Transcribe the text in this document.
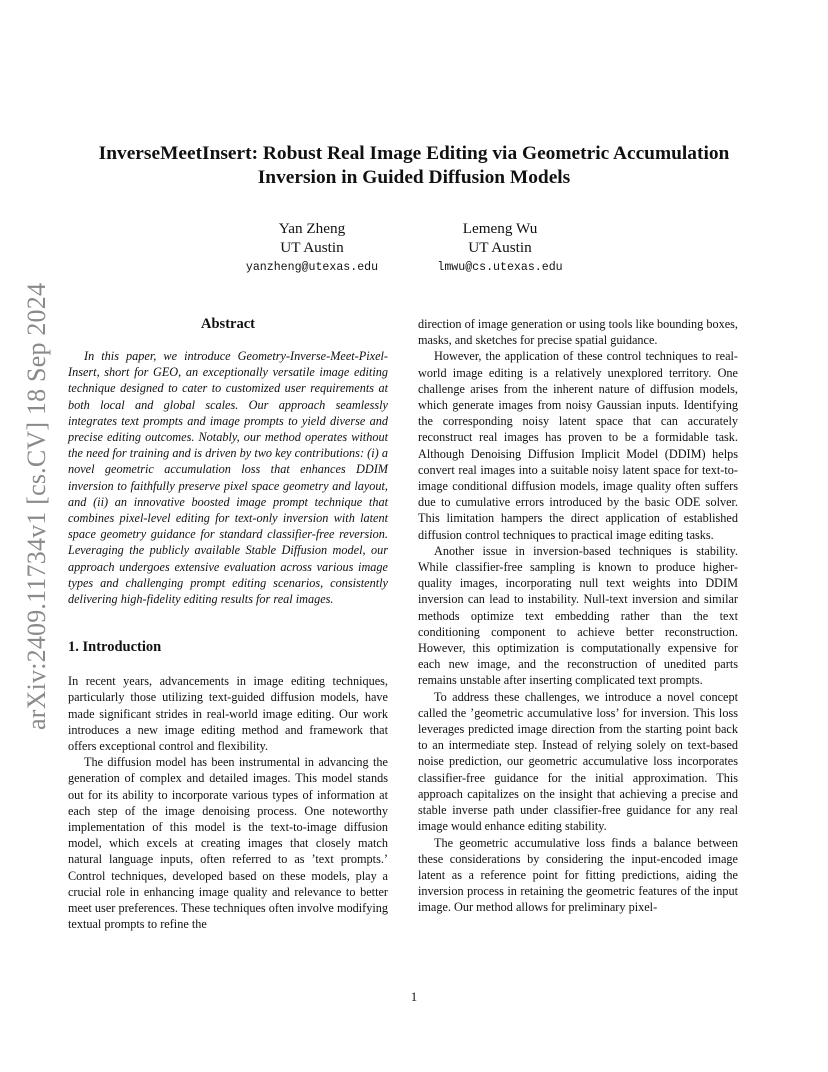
arXiv:2409.11734v1 [cs.CV] 18 Sep 2024
InverseMeetInsert: Robust Real Image Editing via Geometric Accumulation Inversion in Guided Diffusion Models
Yan Zheng
UT Austin
yanzheng@utexas.edu
Lemeng Wu
UT Austin
lmwu@cs.utexas.edu
Abstract

In this paper, we introduce Geometry-Inverse-Meet-Pixel-Insert, short for GEO, an exceptionally versatile image editing technique designed to cater to customized user requirements at both local and global scales. Our approach seamlessly integrates text prompts and image prompts to yield diverse and precise editing outcomes. Notably, our method operates without the need for training and is driven by two key contributions: (i) a novel geometric accumulation loss that enhances DDIM inversion to faithfully preserve pixel space geometry and layout, and (ii) an innovative boosted image prompt technique that combines pixel-level editing for text-only inversion with latent space geometry guidance for standard classifier-free reversion. Leveraging the publicly available Stable Diffusion model, our approach undergoes extensive evaluation across various image types and challenging prompt editing scenarios, consistently delivering high-fidelity editing results for real images.

1. Introduction

In recent years, advancements in image editing techniques, particularly those utilizing text-guided diffusion models, have made significant strides in real-world image editing. Our work introduces a new image editing method and framework that offers exceptional control and flexibility.

The diffusion model has been instrumental in advancing the generation of complex and detailed images. This model stands out for its ability to incorporate various types of information at each step of the image denoising process. One noteworthy implementation of this model is the text-to-image diffusion model, which excels at creating images that closely match natural language inputs, often referred to as ’text prompts.’ Control techniques, developed based on these models, play a crucial role in enhancing image quality and relevance to better meet user preferences. These techniques often involve modifying textual prompts to refine the

direction of image generation or using tools like bounding boxes, masks, and sketches for precise spatial guidance.

However, the application of these control techniques to real-world image editing is a relatively unexplored territory. One challenge arises from the inherent nature of diffusion models, which generate images from noisy Gaussian inputs. Identifying the corresponding noisy latent space that can accurately reconstruct real images has proven to be a formidable task. Although Denoising Diffusion Implicit Model (DDIM) helps convert real images into a suitable noisy latent space for text-to-image conditional diffusion models, image quality often suffers due to cumulative errors introduced by the basic ODE solver. This limitation hampers the direct application of established diffusion control techniques to practical image editing tasks.

Another issue in inversion-based techniques is stability. While classifier-free sampling is known to produce higher-quality images, incorporating null text weights into DDIM inversion can lead to instability. Null-text inversion and similar methods optimize text embedding rather than the text conditioning component to achieve better reconstruction. However, this optimization is computationally expensive for each new image, and the reconstruction of unedited parts remains unstable after inserting complicated text prompts.

To address these challenges, we introduce a novel concept called the ’geometric accumulative loss’ for inversion. This loss leverages predicted image direction from the starting point back to an intermediate step. Instead of relying solely on text-based noise prediction, our geometric accumulative loss incorporates classifier-free guidance for the initial approximation. This approach capitalizes on the insight that achieving a precise and stable inverse path under classifier-free guidance for any real image would enhance editing stability.

The geometric accumulative loss finds a balance between these considerations by considering the input-encoded image latent as a reference point for fitting predictions, aiding the inversion process in retaining the geometric features of the input image. Our method allows for preliminary pixel-

1
